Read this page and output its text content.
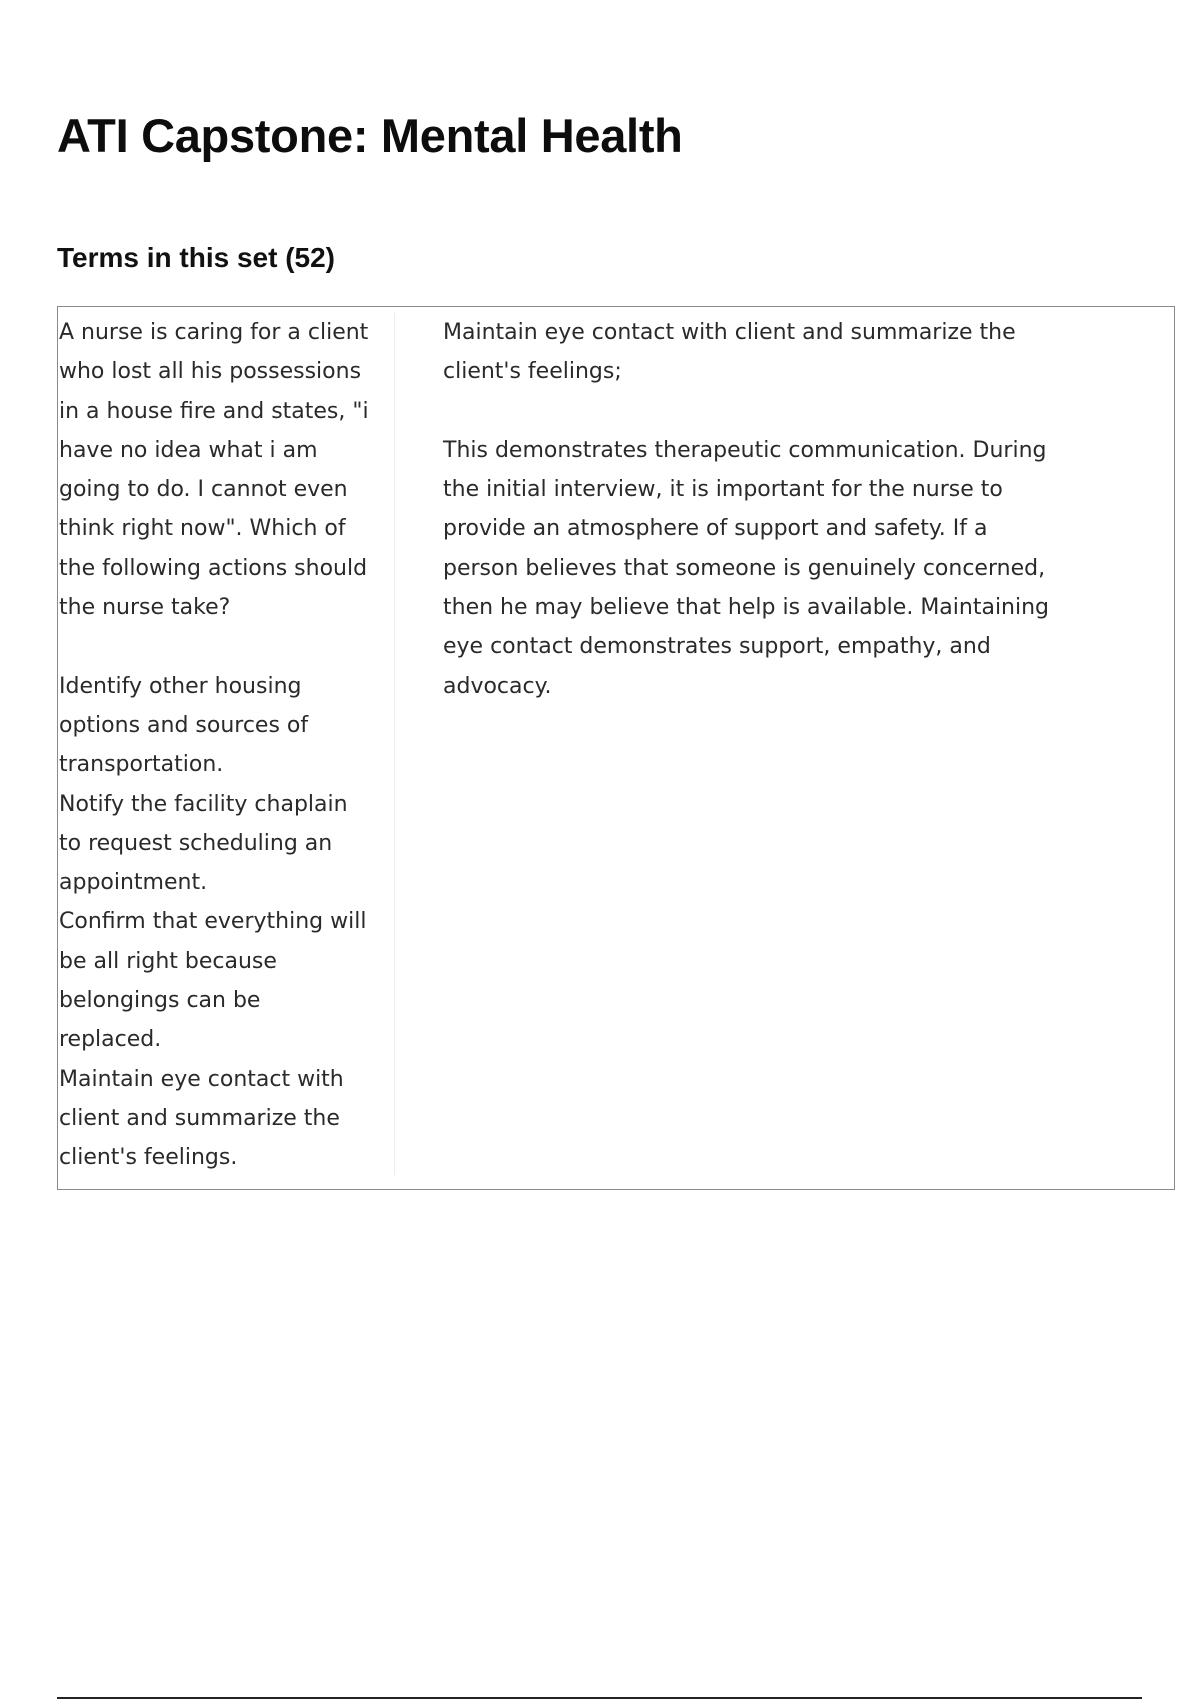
ATI Capstone: Mental Health
Terms in this set (52)

A nurse is caring for a client
who lost all his possessions
in a house fire and states, "i
have no idea what i am
going to do. I cannot even
think right now". Which of
the following actions should
the nurse take?

Identify other housing
options and sources of
transportation.

Notify the facility chaplain
to request scheduling an
appointment.

Confirm that everything will
be all right because
belongings can be
replaced.

Maintain eye contact with
client and summarize the
client's feelings.

Maintain eye contact with client and summarize the
client's feelings;

This demonstrates therapeutic communication. During
the initial interview, it is important for the nurse to
provide an atmosphere of support and safety. If a
person believes that someone is genuinely concerned,
then he may believe that help is available. Maintaining
eye contact demonstrates support, empathy, and
advocacy.
